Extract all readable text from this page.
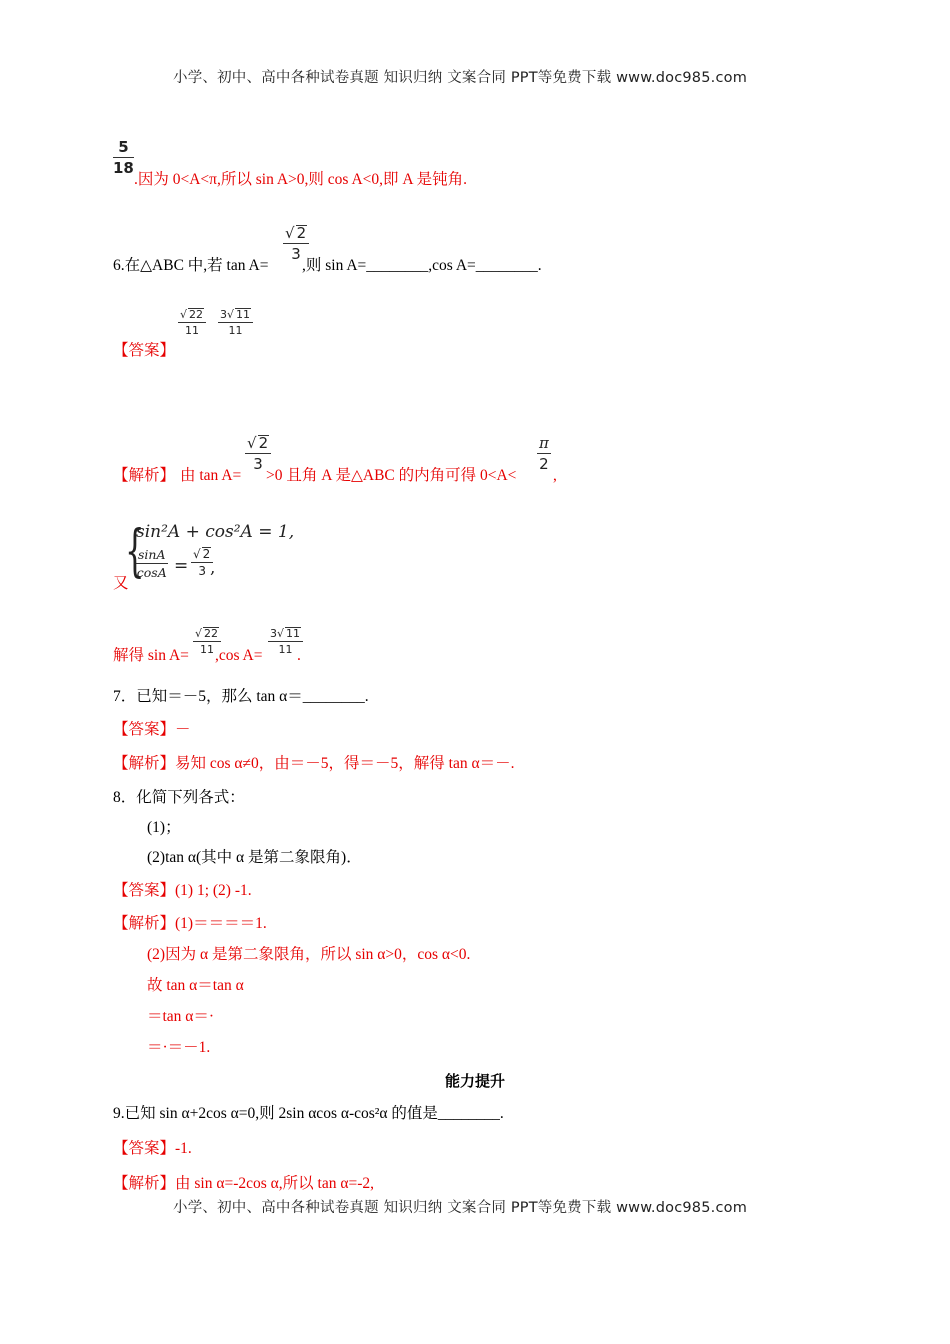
小学、初中、高中各种试卷真题 知识归纳 文案合同 PPT等免费下载 www.doc985.com
5
18
.因为 0<A<π,所以 sin A>0,则 cos A<0,即 A 是钝角.
√ 2
3
6.在△ABC 中,若 tan A= ,则 sin A=________,cos A=________.
√ 22
11
3√ 11
11
【答案】
√ 2
3
π
2
【解析】 由 tan A= >0 且角 A 是△ABC 的内角可得 0<A< ,
{
sin²A + cos²A = 1,
sinA
cosA =
√ 2
3 ,
又
√ 22
11
3√ 11
11
解得 sin A= ,cos A= .
7．已知＝－5，那么 tan α＝________.
【答案】－
【解析】易知 cos α≠0，由＝－5，得＝－5，解得 tan α＝－.
8．化简下列各式：
(1)；
(2)tan α(其中 α 是第二象限角)．
【答案】(1) 1; (2) -1.
【解析】(1)＝＝＝＝1.
(2)因为 α 是第二象限角，所以 sin α>0，cos α<0.
故 tan α＝tan α
＝tan α＝·
＝·＝－1.
能力提升
9.已知 sin α+2cos α=0,则 2sin αcos α-cos²α 的值是________.
【答案】-1.
【解析】由 sin α=-2cos α,所以 tan α=-2,
小学、初中、高中各种试卷真题 知识归纳 文案合同 PPT等免费下载 www.doc985.com
